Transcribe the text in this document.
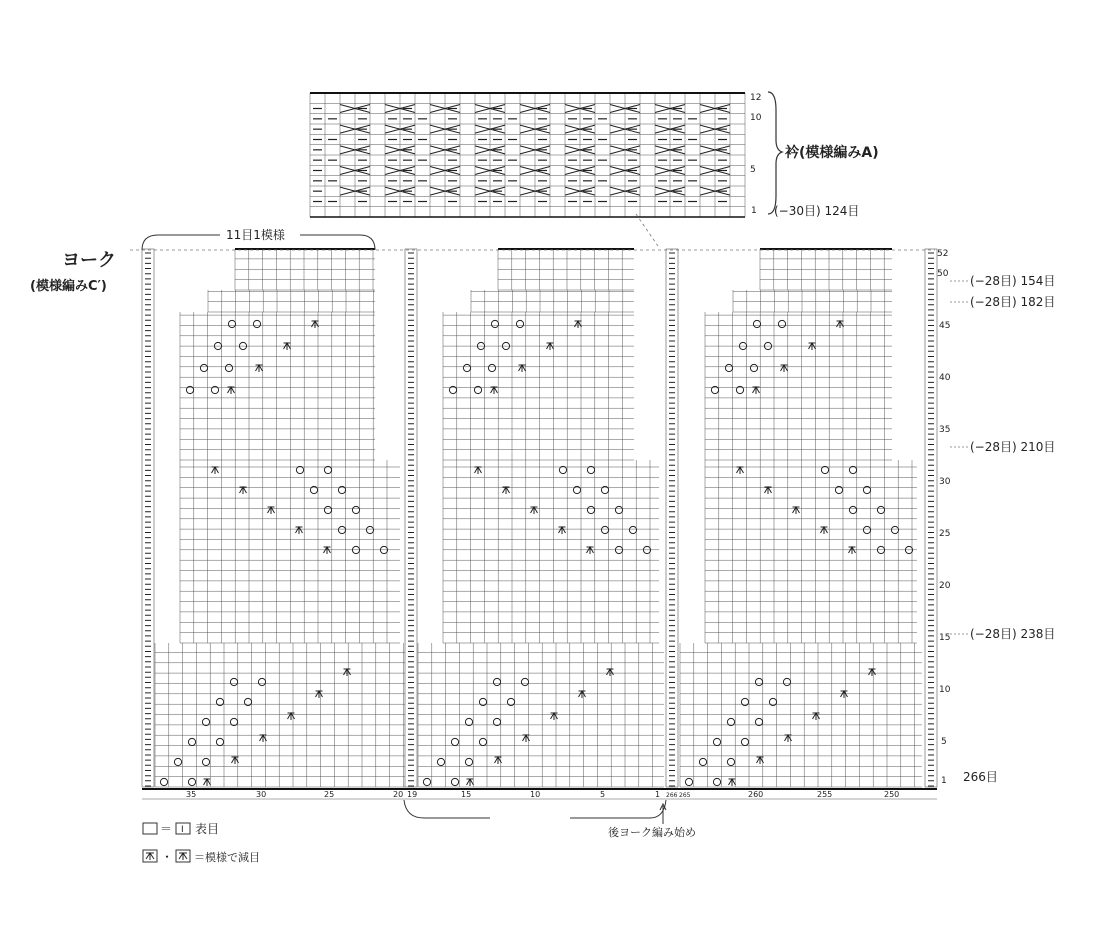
12
10
5
1
衿(模様編みA)
(−30目) 124目
ヨーク
(模様編みC′)
11目1模様
52
50
45
40
35
30
25
20
15
10
5
1
(−28目) 154目
(−28目) 182目
(−28目) 210目
(−28目) 238目
266目
35	30	25	20 19	15	10	5	1 266 265	260	255	250
後ヨーク編み始め
＝ I 表目
・ ＝模様で減目
